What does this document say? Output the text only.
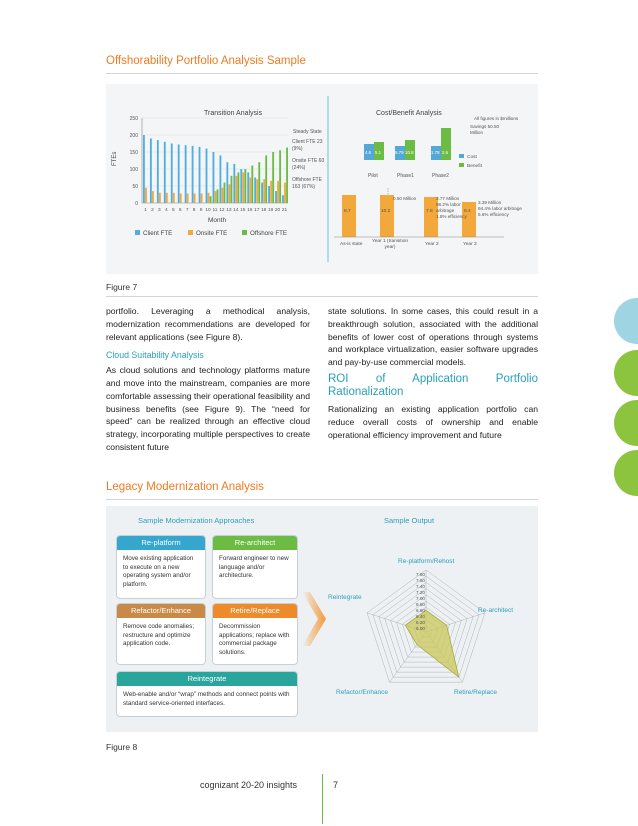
Offshorability Portfolio Analysis Sample
Transition Analysis
0
50
100
150
200
250
FTEs
1 2 3 4 5 6 7 8 9 10 11 12 13 14 15 16 17 18 19 20 21
Month
Steady State
Client FTE 23 (9%)
Onsite FTE 60 (24%)
Offshore FTE 163 (67%)
Client FTE	Onsite FTE	Offshore FTE
Cost/Benefit Analysis
All figures in $millions
Savings 50.50 Million
4.6 5.1	5.79 10.8	1.78 2.6
Pilot	Phase1	Phase2
Cost
Benefit
8.7	10.2	7.8	8.4
0.50 Million	3.77 Million
98.2% labor arbitrage
1.8% efficiency
3.39 Million
94.4% labor arbitrage
5.6% efficiency
As-is state
Year 1 (transition year)
Year 2	Year 3
Figure 7

portfolio. Leveraging a methodical analysis, modernization recommendations are developed for relevant applications (see Figure 8).

Cloud Suitability Analysis

As cloud solutions and technology platforms mature and move into the mainstream, companies are more comfortable assessing their operational feasibility and business benefits (see Figure 9). The “need for speed” can be realized through an effective cloud strategy, incorporating multiple perspectives to create consistent future

state solutions. In some cases, this could result in a breakthrough solution, associated with the additional benefits of lower cost of operations through systems and workplace virtualization, easier software upgrades and pay-by-use commercial models.

ROI of Application Portfolio Rationalization

Rationalizing an existing application portfolio can reduce overall costs of ownership and enable operational efficiency improvement and future

Legacy Modernization Analysis
Sample Modernization Approaches	Sample Output
Re-platform
Move existing application to execute on a new operating system and/or platform.
Re-architect
Forward engineer to new language and/or architecture.
Refactor/Enhance
Remove code anomalies; restructure and optimize application code.
Retire/Replace
Decommission applications; replace with commercial package solutions.
Reintegrate
Web-enable and/or “wrap” methods and connect points with standard service-oriented interfaces.
7.80
7.60
7.40
7.20
7.00
6.80
6.60
6.40
6.20
6.00
Re-platform/Rehost
Re-architect
Retire/Replace
Refactor/Enhance
Reintegrate
Figure 8
cognizant 20-20 insights	7
